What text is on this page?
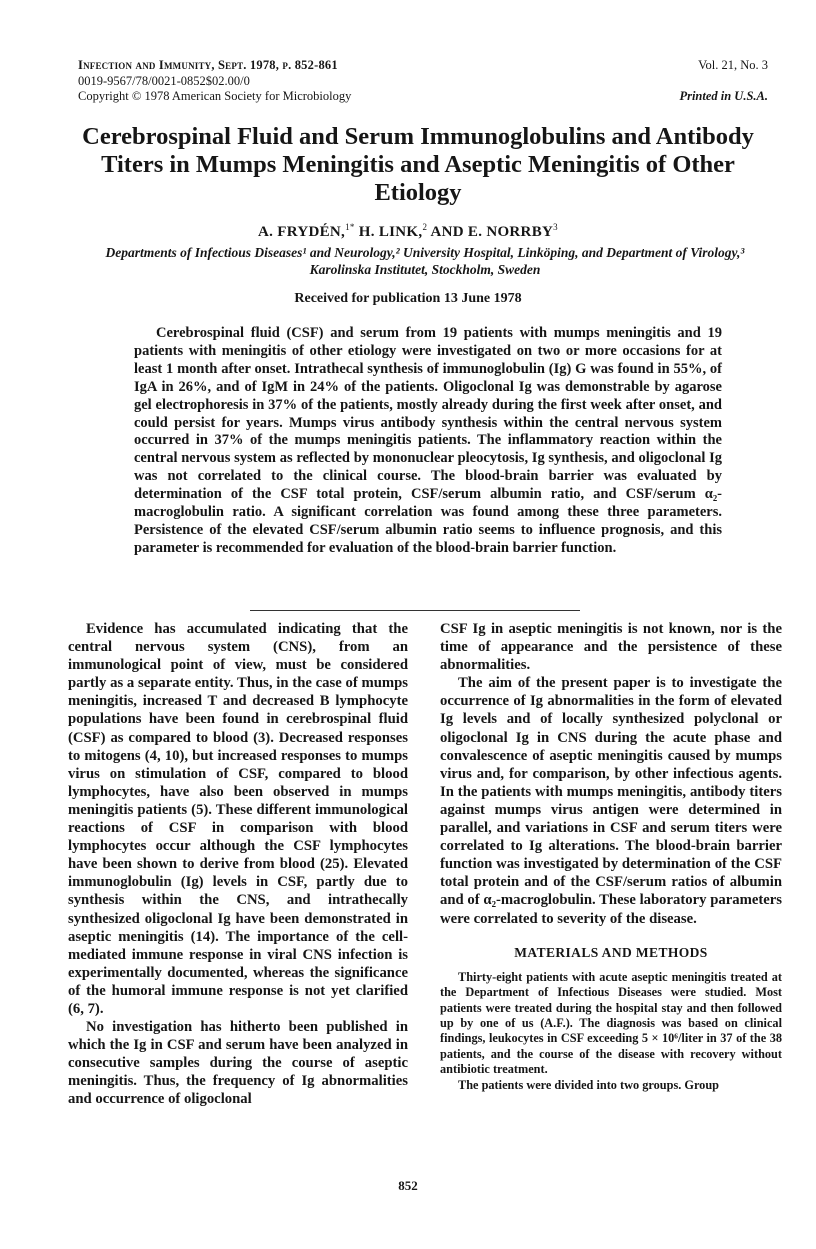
Infection and Immunity, Sept. 1978, p. 852-861
0019-9567/78/0021-0852$02.00/0
Copyright © 1978 American Society for Microbiology
Vol. 21, No. 3
Printed in U.S.A.
Cerebrospinal Fluid and Serum Immunoglobulins and Antibody Titers in Mumps Meningitis and Aseptic Meningitis of Other Etiology
A. FRYDÉN,$^{1*}$ H. LINK,$^2$ AND E. NORRBY$^3$
Departments of Infectious Diseases¹ and Neurology,² University Hospital, Linköping, and Department of Virology,³ Karolinska Institutet, Stockholm, Sweden
Received for publication 13 June 1978

Cerebrospinal fluid (CSF) and serum from 19 patients with mumps meningitis and 19 patients with meningitis of other etiology were investigated on two or more occasions for at least 1 month after onset. Intrathecal synthesis of immunoglobulin (Ig) G was found in 55%, of IgA in 26%, and of IgM in 24% of the patients. Oligoclonal Ig was demonstrable by agarose gel electrophoresis in 37% of the patients, mostly already during the first week after onset, and could persist for years. Mumps virus antibody synthesis within the central nervous system occurred in 37% of the mumps meningitis patients. The inflammatory reaction within the central nervous system as reflected by mononuclear pleocytosis, Ig synthesis, and oligoclonal Ig was not correlated to the clinical course. The blood-brain barrier was evaluated by determination of the CSF total protein, CSF/serum albumin ratio, and CSF/serum α₂-macroglobulin ratio. A significant correlation was found among these three parameters. Persistence of the elevated CSF/serum albumin ratio seems to influence prognosis, and this parameter is recommended for evaluation of the blood-brain barrier function.

Evidence has accumulated indicating that the central nervous system (CNS), from an immunological point of view, must be considered partly as a separate entity. Thus, in the case of mumps meningitis, increased T and decreased B lymphocyte populations have been found in cerebrospinal fluid (CSF) as compared to blood (3). Decreased responses to mitogens (4, 10), but increased responses to mumps virus on stimulation of CSF, compared to blood lymphocytes, have also been observed in mumps meningitis patients (5). These different immunological reactions of CSF in comparison with blood lymphocytes occur although the CSF lymphocytes have been shown to derive from blood (25). Elevated immunoglobulin (Ig) levels in CSF, partly due to synthesis within the CNS, and intrathecally synthesized oligoclonal Ig have been demonstrated in aseptic meningitis (14). The importance of the cell-mediated immune response in viral CNS infection is experimentally documented, whereas the significance of the humoral immune response is not yet clarified (6, 7).

No investigation has hitherto been published in which the Ig in CSF and serum have been analyzed in consecutive samples during the course of aseptic meningitis. Thus, the frequency of Ig abnormalities and occurrence of oligoclonal

CSF Ig in aseptic meningitis is not known, nor is the time of appearance and the persistence of these abnormalities.

The aim of the present paper is to investigate the occurrence of Ig abnormalities in the form of elevated Ig levels and of locally synthesized polyclonal or oligoclonal Ig in CNS during the acute phase and convalescence of aseptic meningitis caused by mumps virus and, for comparison, by other infectious agents. In the patients with mumps meningitis, antibody titers against mumps virus antigen were determined in parallel, and variations in CSF and serum titers were correlated to Ig alterations. The blood-brain barrier function was investigated by determination of the CSF total protein and of the CSF/serum ratios of albumin and of α₂-macroglobulin. These laboratory parameters were correlated to severity of the disease.

MATERIALS AND METHODS

Thirty-eight patients with acute aseptic meningitis treated at the Department of Infectious Diseases were studied. Most patients were treated during the hospital stay and then followed up by one of us (A.F.). The diagnosis was based on clinical findings, leukocytes in CSF exceeding 5 × 10⁶/liter in 37 of the 38 patients, and the course of the disease with recovery without antibiotic treatment.

The patients were divided into two groups. Group

852
